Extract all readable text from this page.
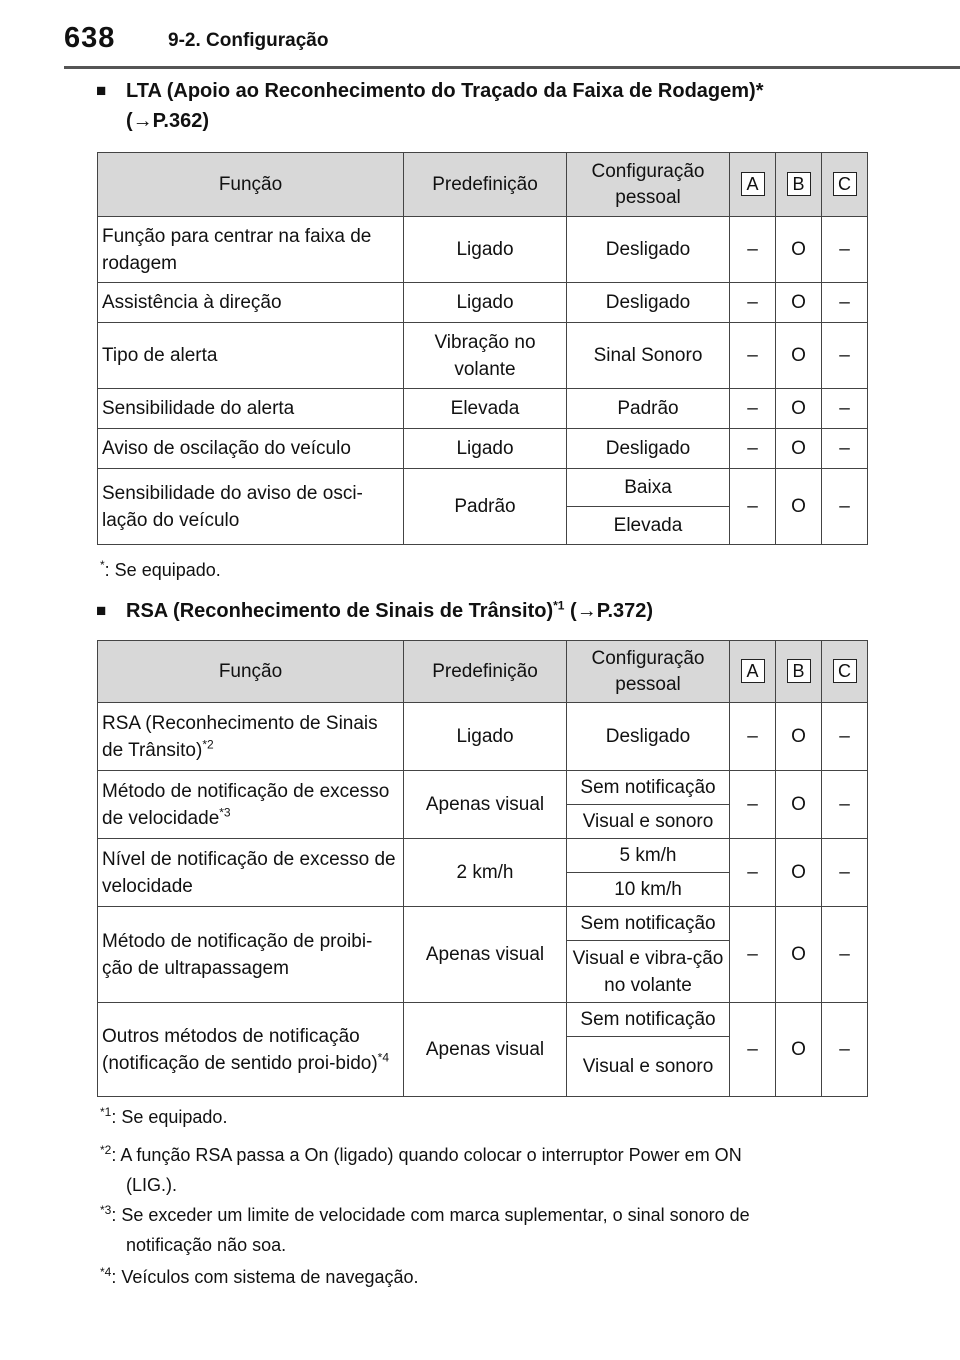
638	9-2. Configuração
■ LTA (Apoio ao Reconhecimento do Traçado da Faixa de Rodagem)*
(→P.362)
Função	Predefinição	Configuração pessoal	A	B	C
Função para centrar na faixa de rodagem	Ligado	Desligado	–	O	–
Assistência à direção	Ligado	Desligado	–	O	–
Tipo de alerta	Vibração no volante	Sinal Sonoro	–	O	–
Sensibilidade do alerta	Elevada	Padrão	–	O	–
Aviso de oscilação do veículo	Ligado	Desligado	–	O	–
Sensibilidade do aviso de osci-lação do veículo	Padrão	Baixa	–	O	–
		Elevada			
*: Se equipado.
■ RSA (Reconhecimento de Sinais de Trânsito)$^{*1}$ (→P.372)
Função	Predefinição	Configuração pessoal	A	B	C
RSA (Reconhecimento de Sinais de Trânsito)$^{*2}$	Ligado	Desligado	–	O	–
Método de notificação de excesso de velocidade$^{*3}$	Apenas visual	Sem notificação	–	O	–
		Visual e sonoro			
Nível de notificação de excesso de velocidade	2 km/h	5 km/h	–	O	–
		10 km/h			
Método de notificação de proibi-ção de ultrapassagem	Apenas visual	Sem notificação	–	O	–
		Visual e vibra-ção no volante			
Outros métodos de notificação (notificação de sentido proi-bido)$^{*4}$	Apenas visual	Sem notificação	–	O	–
		Visual e sonoro			
$^{*1}$: Se equipado.
$^{*2}$: A função RSA passa a On (ligado) quando colocar o interruptor Power em ON
(LIG.).
$^{*3}$: Se exceder um limite de velocidade com marca suplementar, o sinal sonoro de
notificação não soa.
$^{*4}$: Veículos com sistema de navegação.
